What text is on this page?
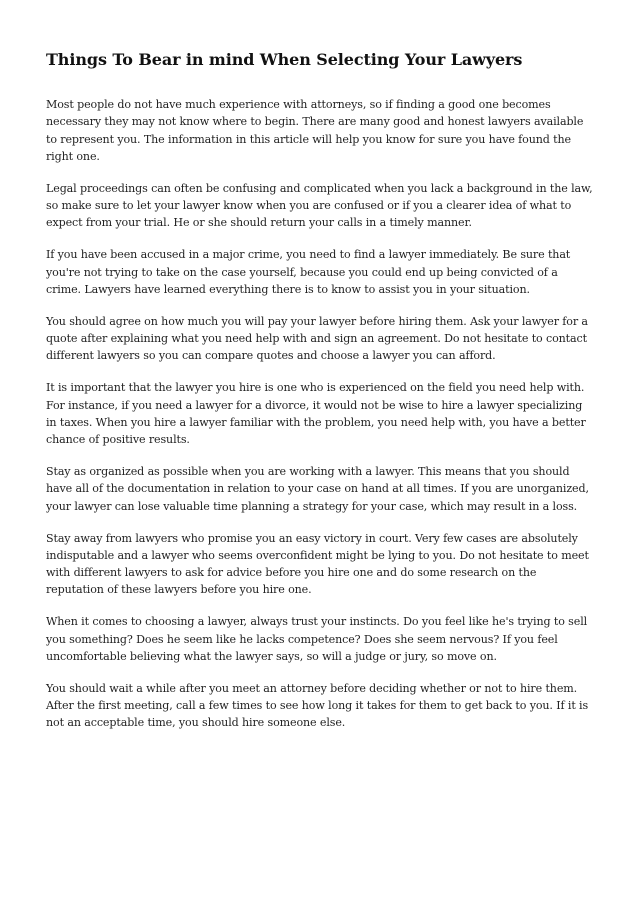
Things To Bear in mind When Selecting Your Lawyers

Most people do not have much experience with attorneys, so if finding a good one becomes necessary they may not know where to begin. There are many good and honest lawyers available to represent you. The information in this article will help you know for sure you have found the right one.

Legal proceedings can often be confusing and complicated when you lack a background in the law, so make sure to let your lawyer know when you are confused or if you a clearer idea of what to expect from your trial. He or she should return your calls in a timely manner.

If you have been accused in a major crime, you need to find a lawyer immediately. Be sure that you're not trying to take on the case yourself, because you could end up being convicted of a crime. Lawyers have learned everything there is to know to assist you in your situation.

You should agree on how much you will pay your lawyer before hiring them. Ask your lawyer for a quote after explaining what you need help with and sign an agreement. Do not hesitate to contact different lawyers so you can compare quotes and choose a lawyer you can afford.

It is important that the lawyer you hire is one who is experienced on the field you need help with. For instance, if you need a lawyer for a divorce, it would not be wise to hire a lawyer specializing in taxes. When you hire a lawyer familiar with the problem, you need help with, you have a better chance of positive results.

Stay as organized as possible when you are working with a lawyer. This means that you should have all of the documentation in relation to your case on hand at all times. If you are unorganized, your lawyer can lose valuable time planning a strategy for your case, which may result in a loss.

Stay away from lawyers who promise you an easy victory in court. Very few cases are absolutely indisputable and a lawyer who seems overconfident might be lying to you. Do not hesitate to meet with different lawyers to ask for advice before you hire one and do some research on the reputation of these lawyers before you hire one.

When it comes to choosing a lawyer, always trust your instincts. Do you feel like he's trying to sell you something? Does he seem like he lacks competence? Does she seem nervous? If you feel uncomfortable believing what the lawyer says, so will a judge or jury, so move on.

You should wait a while after you meet an attorney before deciding whether or not to hire them. After the first meeting, call a few times to see how long it takes for them to get back to you. If it is not an acceptable time, you should hire someone else.
